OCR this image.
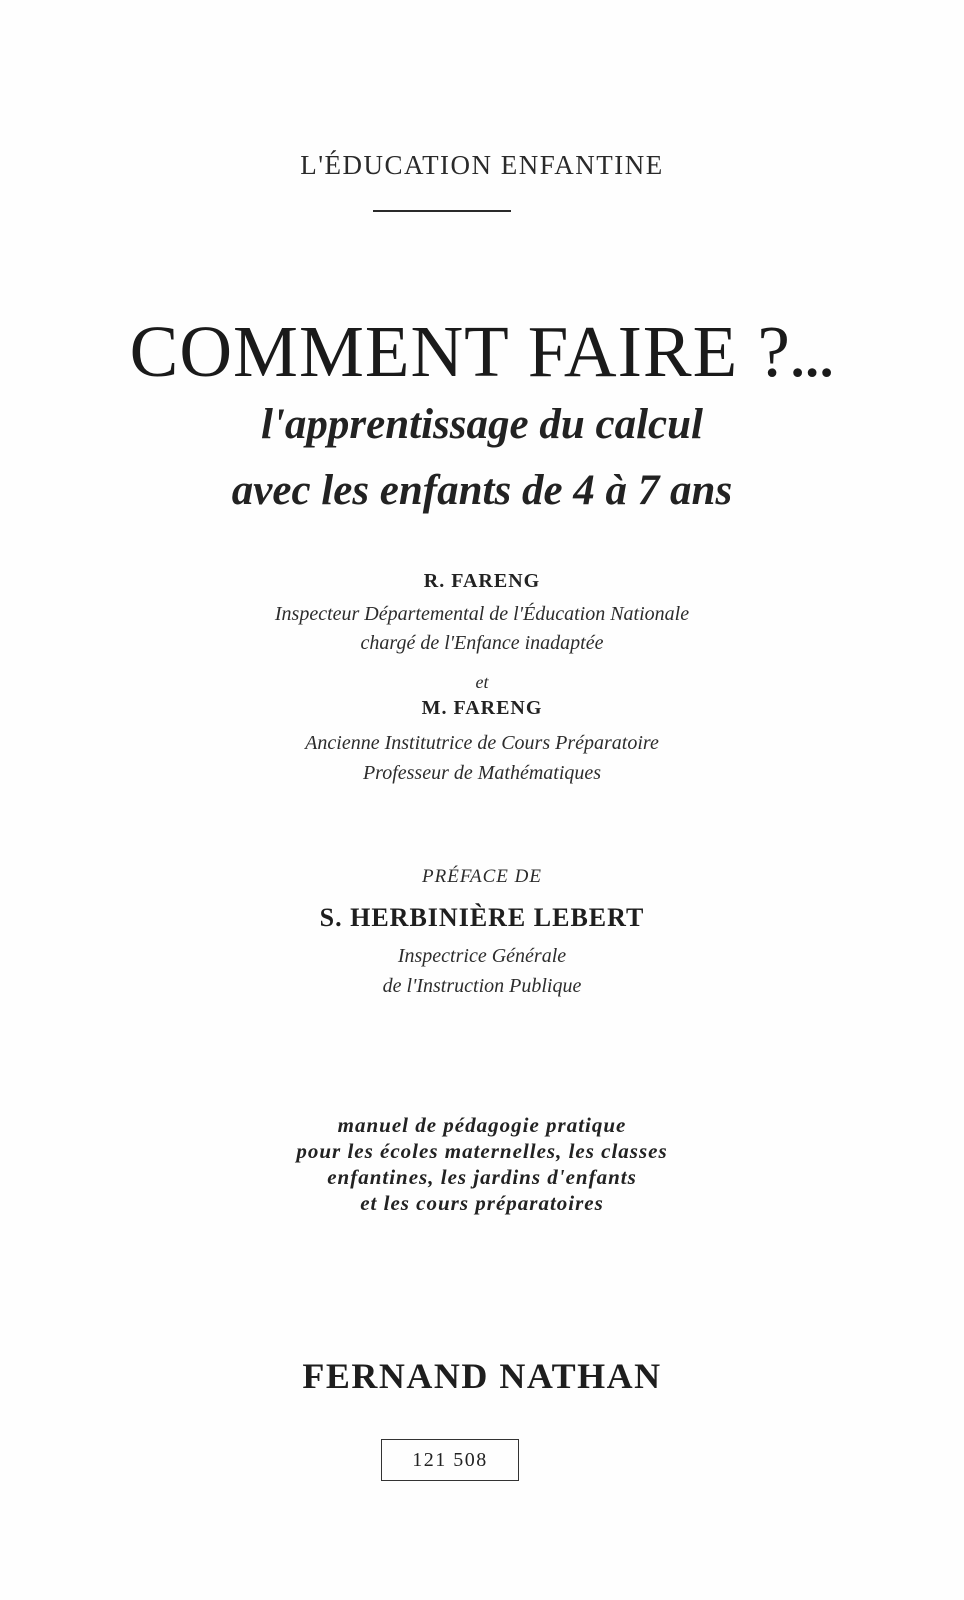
L'ÉDUCATION ENFANTINE

COMMENT FAIRE ?...

l'apprentissage du calcul

avec les enfants de 4 à 7 ans

R. FARENG

Inspecteur Départemental de l'Éducation Nationale

chargé de l'Enfance inadaptée

et

M. FARENG

Ancienne Institutrice de Cours Préparatoire

Professeur de Mathématiques

PRÉFACE DE

S. HERBINIÈRE LEBERT

Inspectrice Générale

de l'Instruction Publique

manuel de pédagogie pratique

pour les écoles maternelles, les classes

enfantines, les jardins d'enfants

et les cours préparatoires

FERNAND NATHAN

121 508
